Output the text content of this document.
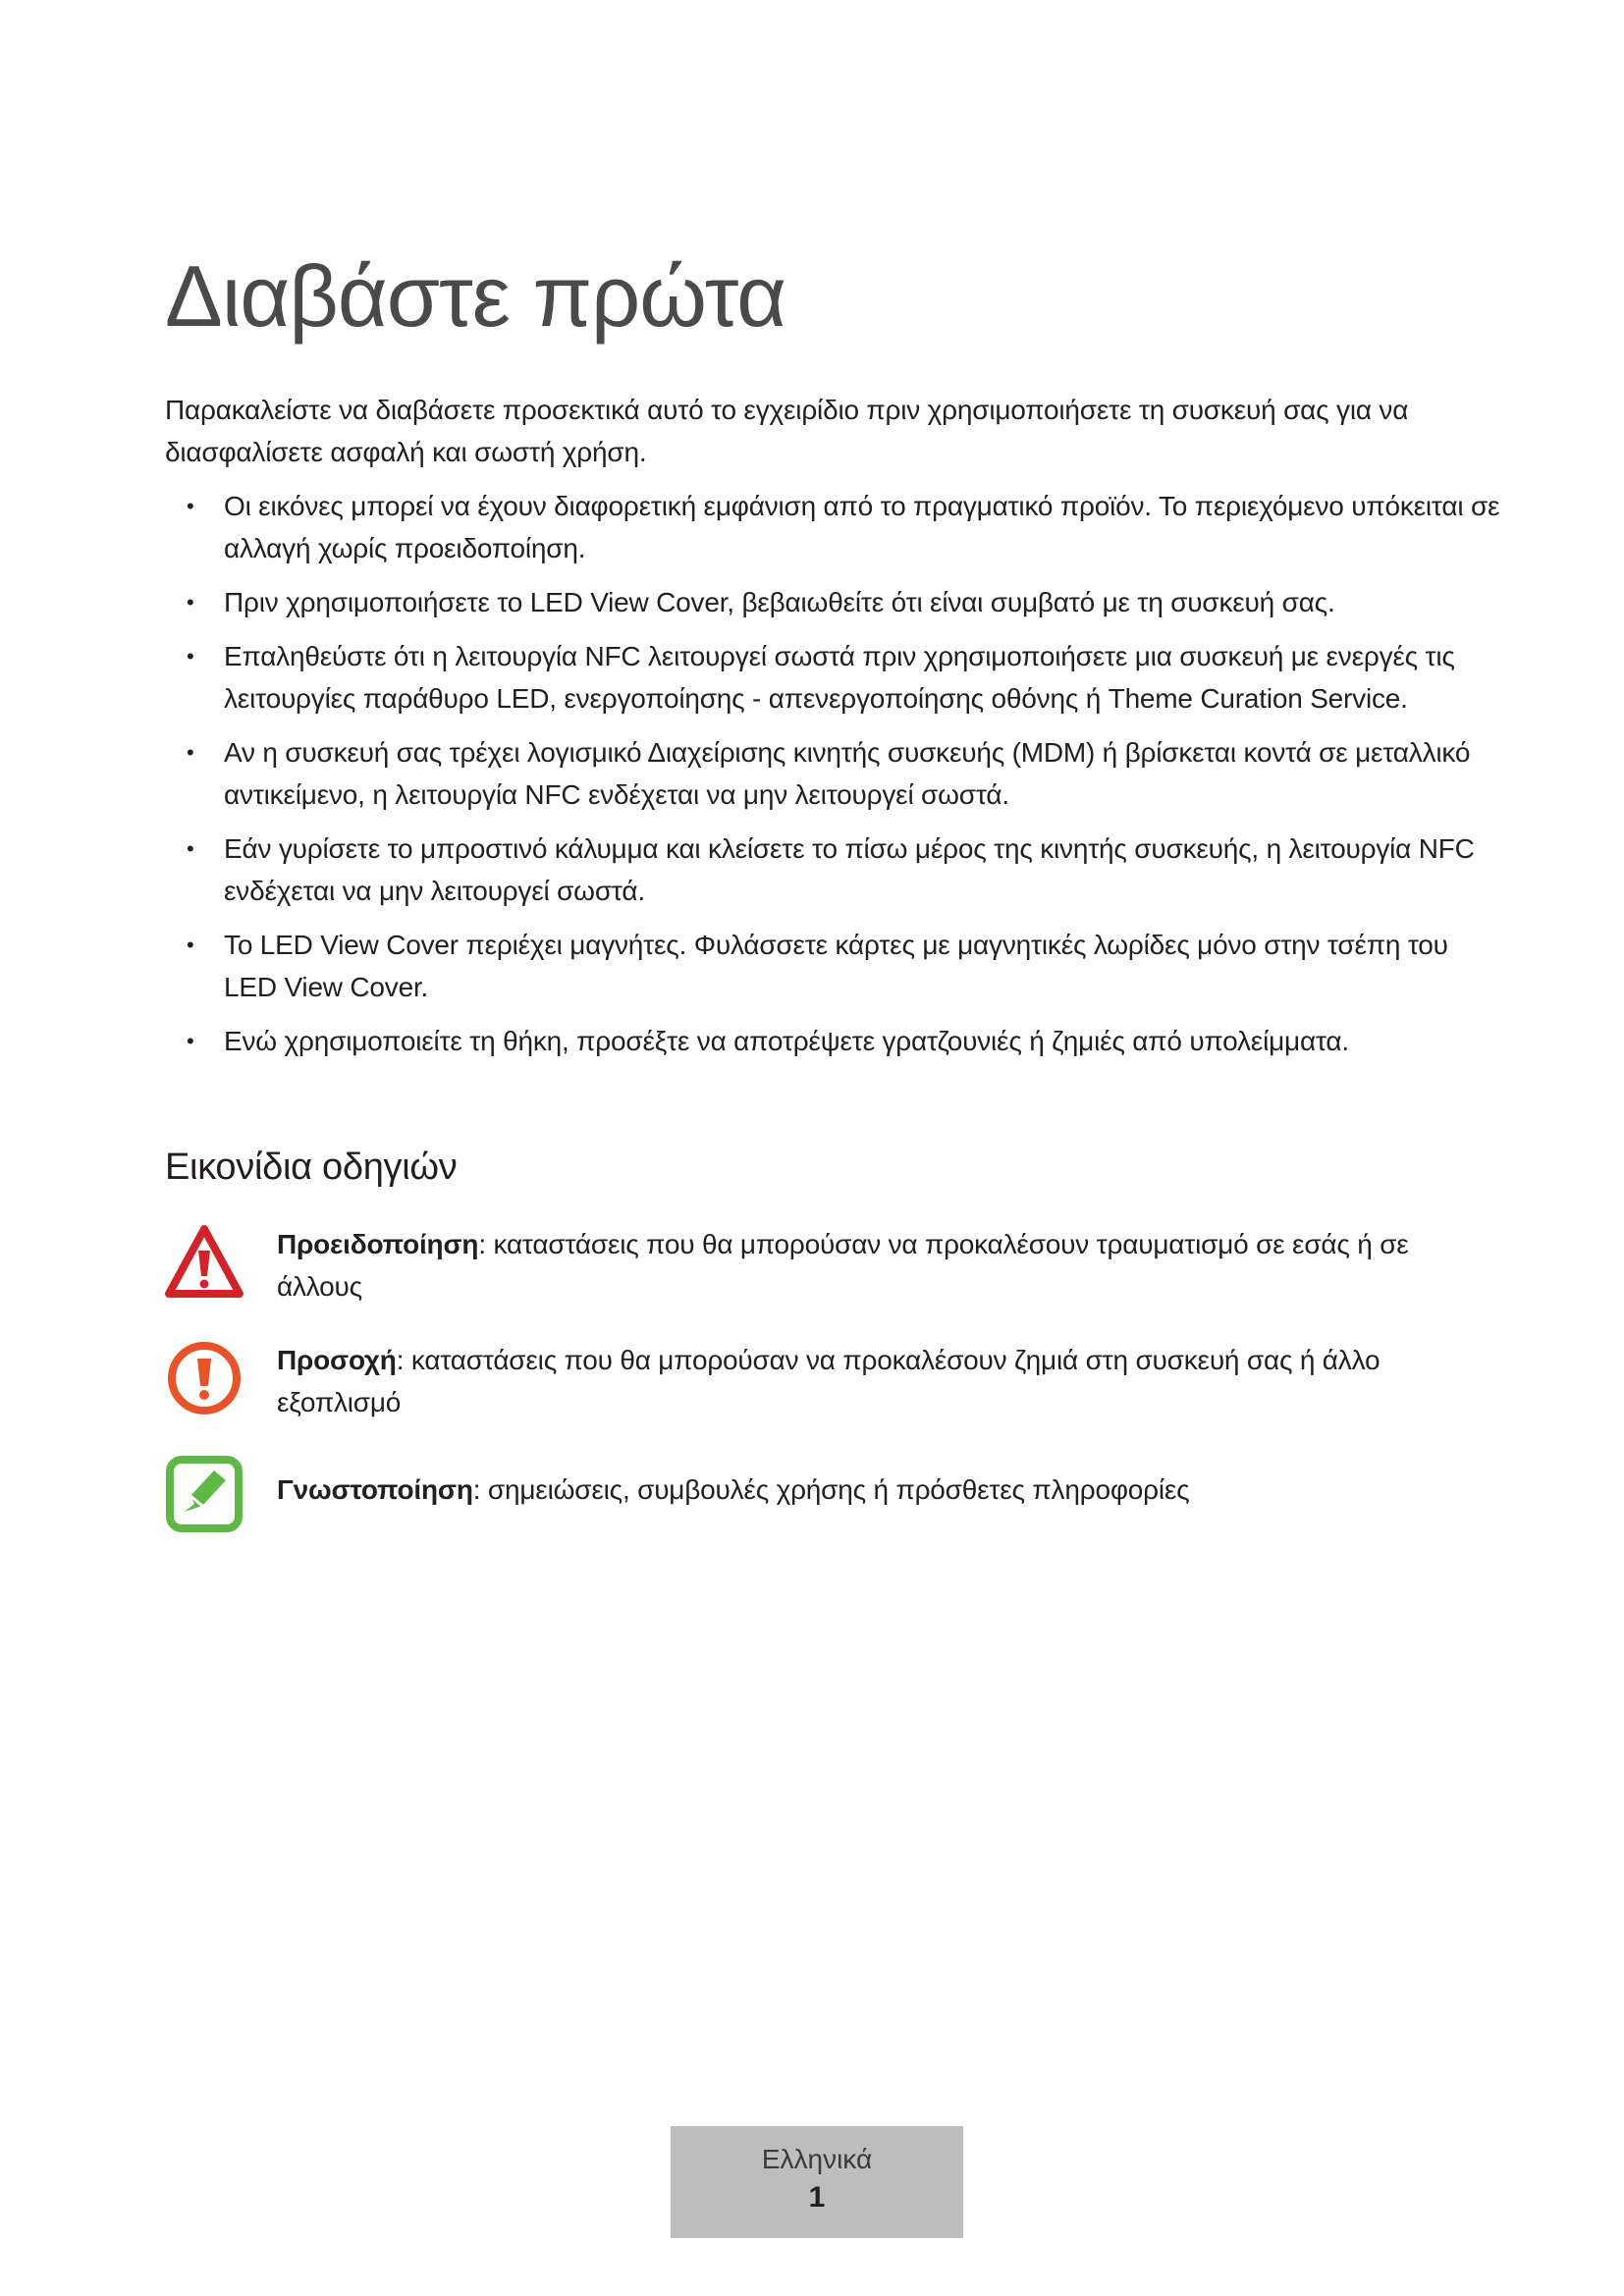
Διαβάστε πρώτα

Παρακαλείστε να διαβάσετε προσεκτικά αυτό το εγχειρίδιο πριν χρησιμοποιήσετε τη συσκευή σας για να διασφαλίσετε ασφαλή και σωστή χρήση.

• Οι εικόνες μπορεί να έχουν διαφορετική εμφάνιση από το πραγματικό προϊόν. Το περιεχόμενο υπόκειται σε αλλαγή χωρίς προειδοποίηση.
• Πριν χρησιμοποιήσετε το LED View Cover, βεβαιωθείτε ότι είναι συμβατό με τη συσκευή σας.
• Επαληθεύστε ότι η λειτουργία NFC λειτουργεί σωστά πριν χρησιμοποιήσετε μια συσκευή με ενεργές τις λειτουργίες παράθυρο LED, ενεργοποίησης - απενεργοποίησης οθόνης ή Theme Curation Service.
• Αν η συσκευή σας τρέχει λογισμικό Διαχείρισης κινητής συσκευής (MDM) ή βρίσκεται κοντά σε μεταλλικό αντικείμενο, η λειτουργία NFC ενδέχεται να μην λειτουργεί σωστά.
• Εάν γυρίσετε το μπροστινό κάλυμμα και κλείσετε το πίσω μέρος της κινητής συσκευής, η λειτουργία NFC ενδέχεται να μην λειτουργεί σωστά.
• Το LED View Cover περιέχει μαγνήτες. Φυλάσσετε κάρτες με μαγνητικές λωρίδες μόνο στην τσέπη του LED View Cover.
• Ενώ χρησιμοποιείτε τη θήκη, προσέξτε να αποτρέψετε γρατζουνιές ή ζημιές από υπολείμματα.
Εικονίδια οδηγιών
Προειδοποίηση: καταστάσεις που θα μπορούσαν να προκαλέσουν τραυματισμό σε εσάς ή σε άλλους
Προσοχή: καταστάσεις που θα μπορούσαν να προκαλέσουν ζημιά στη συσκευή σας ή άλλο εξοπλισμό
Γνωστοποίηση: σημειώσεις, συμβουλές χρήσης ή πρόσθετες πληροφορίες
Ελληνικά
1
